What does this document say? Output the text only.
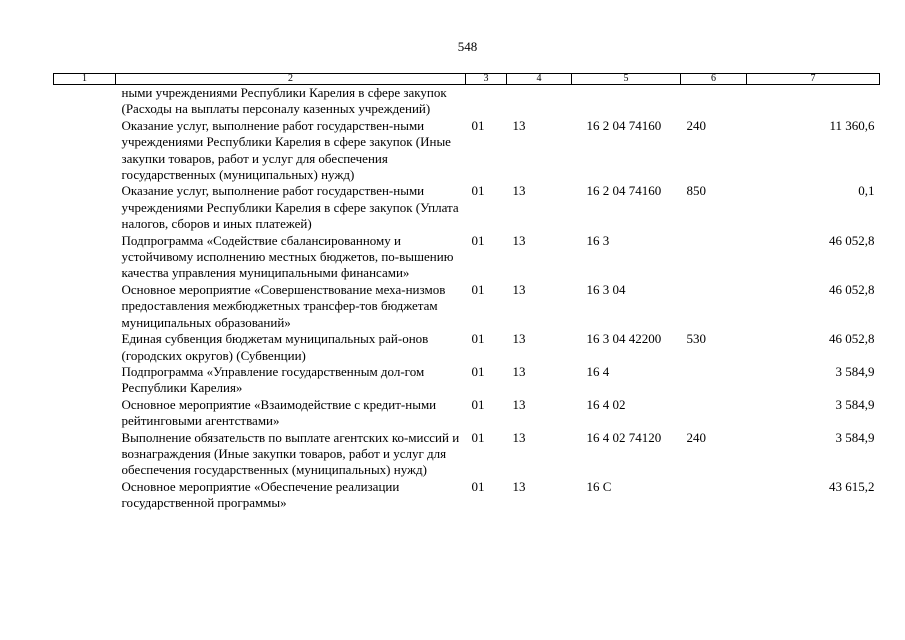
548
1	2	3	4	5	6	7
	ными учреждениями Республики Карелия в сфере закупок (Расходы на выплаты персоналу казенных учреждений)					
	Оказание услуг, выполнение работ государствен-ными учреждениями Республики Карелия в сфере закупок (Иные закупки товаров, работ и услуг для обеспечения государственных (муниципальных) нужд)	01	13	16 2 04 74160	240	11 360,6
	Оказание услуг, выполнение работ государствен-ными учреждениями Республики Карелия в сфере закупок (Уплата налогов, сборов и иных платежей)	01	13	16 2 04 74160	850	0,1
	Подпрограмма «Содействие сбалансированному и устойчивому исполнению местных бюджетов, по-вышению качества управления муниципальными финансами»	01	13	16 3		46 052,8
	Основное мероприятие «Совершенствование меха-низмов предоставления межбюджетных трансфер-тов бюджетам муниципальных образований»	01	13	16 3 04		46 052,8
	Единая субвенция бюджетам муниципальных рай-онов (городских округов) (Субвенции)	01	13	16 3 04 42200	530	46 052,8
	Подпрограмма «Управление государственным дол-гом Республики Карелия»	01	13	16 4		3 584,9
	Основное мероприятие «Взаимодействие с кредит-ными рейтинговыми агентствами»	01	13	16 4 02		3 584,9
	Выполнение обязательств по выплате агентских ко-миссий и вознаграждения (Иные закупки товаров, работ и услуг для обеспечения государственных (муниципальных) нужд)	01	13	16 4 02 74120	240	3 584,9
	Основное мероприятие «Обеспечение реализации государственной программы»	01	13	16 С		43 615,2
